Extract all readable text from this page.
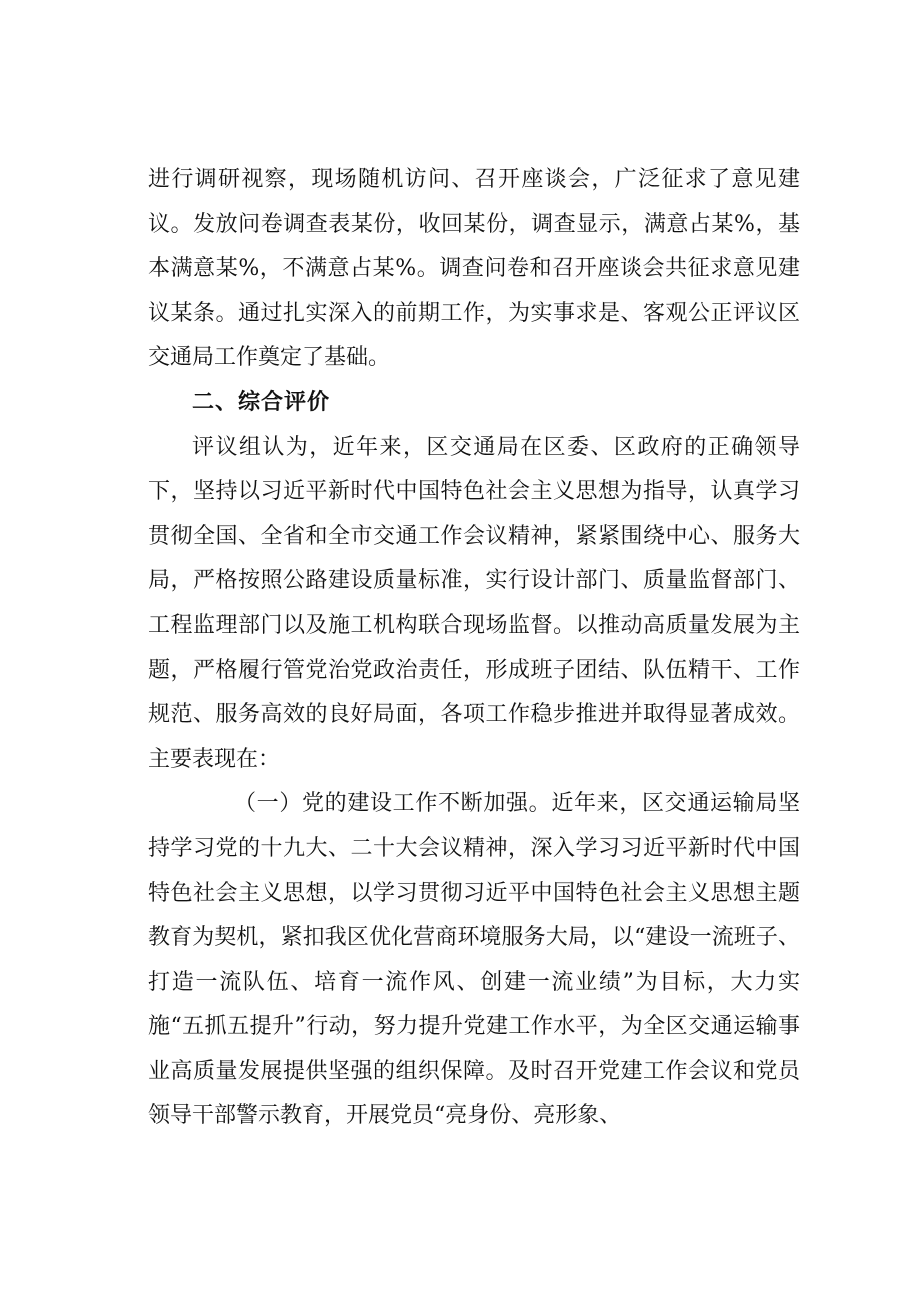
进行调研视察，现场随机访问、召开座谈会，广泛征求了意见建议。发放问卷调查表某份，收回某份，调查显示，满意占某%，基本满意某%，不满意占某%。调查问卷和召开座谈会共征求意见建议某条。通过扎实深入的前期工作，为实事求是、客观公正评议区交通局工作奠定了基础。

二、综合评价

评议组认为，近年来，区交通局在区委、区政府的正确领导下，坚持以习近平新时代中国特色社会主义思想为指导，认真学习贯彻全国、全省和全市交通工作会议精神，紧紧围绕中心、服务大局，严格按照公路建设质量标准，实行设计部门、质量监督部门、工程监理部门以及施工机构联合现场监督。以推动高质量发展为主题，严格履行管党治党政治责任，形成班子团结、队伍精干、工作规范、服务高效的良好局面，各项工作稳步推进并取得显著成效。主要表现在：

（一）党的建设工作不断加强。近年来，区交通运输局坚持学习党的十九大、二十大会议精神，深入学习习近平新时代中国特色社会主义思想，以学习贯彻习近平中国特色社会主义思想主题教育为契机，紧扣我区优化营商环境服务大局，以“建设一流班子、打造一流队伍、培育一流作风、创建一流业绩”为目标，大力实施“五抓五提升”行动，努力提升党建工作水平，为全区交通运输事业高质量发展提供坚强的组织保障。及时召开党建工作会议和党员领导干部警示教育，开展党员“亮身份、亮形象、
